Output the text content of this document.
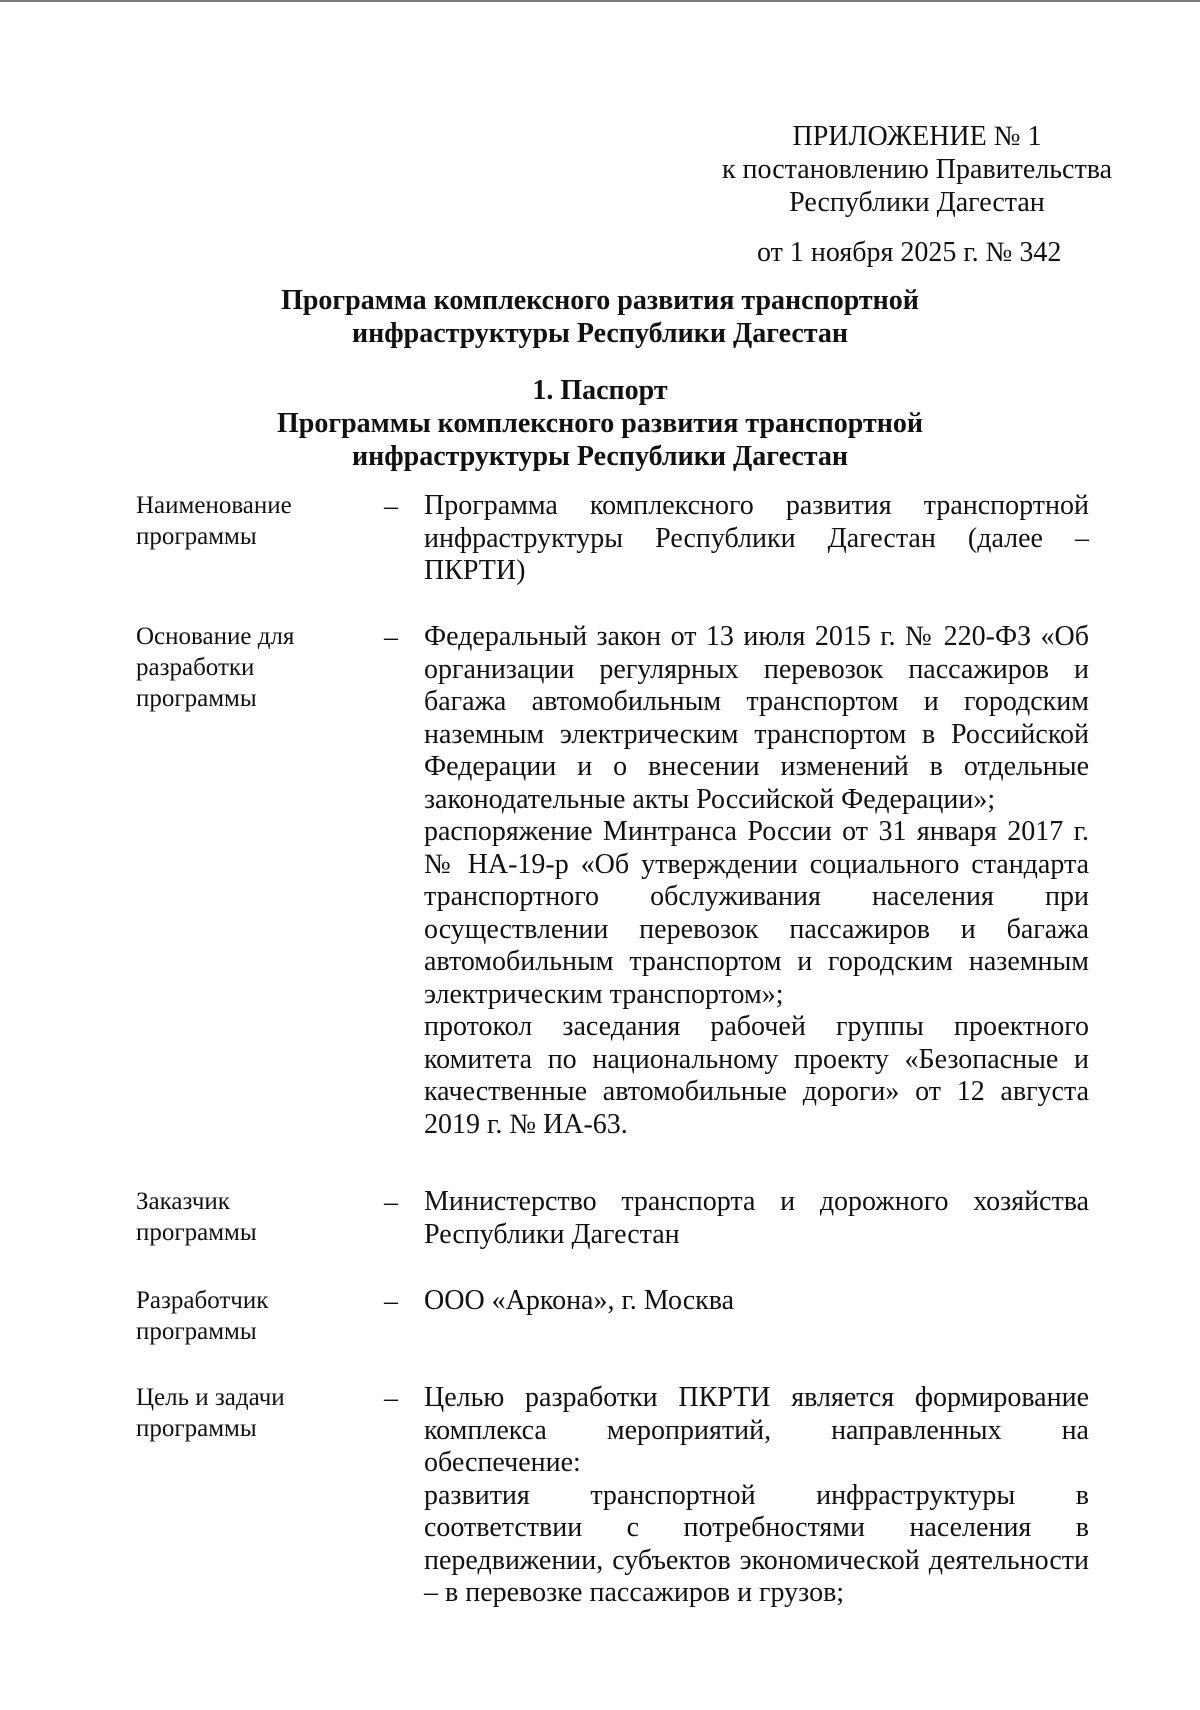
ПРИЛОЖЕНИЕ № 1
к постановлению Правительства
Республики Дагестан
от 1 ноября 2025 г. № 342
Программа комплексного развития транспортной
инфраструктуры Республики Дагестан
1. Паспорт
Программы комплексного развития транспортной
инфраструктуры Республики Дагестан
Наименование
программы
– Программа комплексного развития транспортной инфраструктуры Республики Дагестан (далее – ПКРТИ)

Основание для
разработки
программы
– Федеральный закон от 13 июля 2015 г. № 220-ФЗ «Об организации регулярных перевозок пассажиров и багажа автомобильным транспортом и городским наземным электрическим транспортом в Российской Федерации и о внесении изменений в отдельные законодательные акты Российской Федерации»;

распоряжение Минтранса России от 31 января 2017 г. № НА-19-р «Об утверждении социального стандарта транспортного обслуживания населения при осуществлении перевозок пассажиров и багажа автомобильным транспортом и городским наземным электрическим транспортом»;

протокол заседания рабочей группы проектного комитета по национальному проекту «Безопасные и качественные автомобильные дороги» от 12 августа 2019 г. № ИА-63.

Заказчик
программы
– Министерство транспорта и дорожного хозяйства Республики Дагестан

Разработчик
программы
– ООО «Аркона», г. Москва

Цель и задачи
программы
– Целью разработки ПКРТИ является формирование комплекса мероприятий, направленных на обеспечение:

развития транспортной инфраструктуры в соответствии с потребностями населения в передвижении, субъектов экономической деятельности – в перевозке пассажиров и грузов;
